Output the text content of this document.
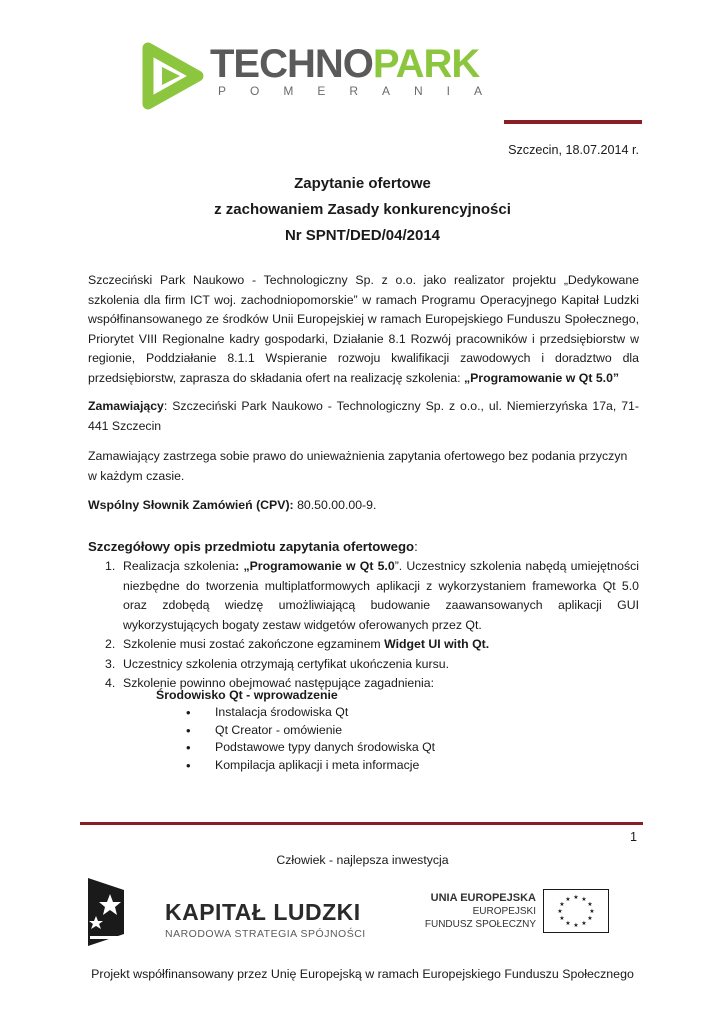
TECHNOPARK
POMERANIA
Szczecin, 18.07.2014 r.
Zapytanie ofertowe
z zachowaniem Zasady konkurencyjności
Nr SPNT/DED/04/2014
Szczeciński Park Naukowo - Technologiczny Sp. z o.o. jako realizator projektu „Dedykowane szkolenia dla firm ICT woj. zachodniopomorskie” w ramach Programu Operacyjnego Kapitał Ludzki współfinansowanego ze środków Unii Europejskiej w ramach Europejskiego Funduszu Społecznego, Priorytet VIII Regionalne kadry gospodarki, Działanie 8.1 Rozwój pracowników i przedsiębiorstw w regionie, Poddziałanie 8.1.1 Wspieranie rozwoju kwalifikacji zawodowych i doradztwo dla przedsiębiorstw, zaprasza do składania ofert na realizację szkolenia: „Programowanie w Qt 5.0”
Zamawiający: Szczeciński Park Naukowo - Technologiczny Sp. z o.o., ul. Niemierzyńska 17a, 71-441 Szczecin
Zamawiający zastrzega sobie prawo do unieważnienia zapytania ofertowego bez podania przyczyn w każdym czasie.
Wspólny Słownik Zamówień (CPV): 80.50.00.00-9.
Szczegółowy opis przedmiotu zapytania ofertowego:
1. Realizacja szkolenia: „Programowanie w Qt 5.0”. Uczestnicy szkolenia nabędą umiejętności niezbędne do tworzenia multiplatformowych aplikacji z wykorzystaniem frameworka Qt 5.0 oraz zdobędą wiedzę umożliwiającą budowanie zaawansowanych aplikacji GUI wykorzystujących bogaty zestaw widgetów oferowanych przez Qt.
2. Szkolenie musi zostać zakończone egzaminem Widget UI with Qt.
3. Uczestnicy szkolenia otrzymają certyfikat ukończenia kursu.
4. Szkolenie powinno obejmować następujące zagadnienia:
Środowisko Qt - wprowadzenie
• Instalacja środowiska Qt
• Qt Creator - omówienie
• Podstawowe typy danych środowiska Qt
• Kompilacja aplikacji i meta informacje
1
Człowiek - najlepsza inwestycja
KAPITAŁ LUDZKI
NARODOWA STRATEGIA SPÓJNOŚCI
UNIA EUROPEJSKA
EUROPEJSKI
FUNDUSZ SPOŁECZNY
★ ★
★
★
★
★
★
★
★
★
★
★
Projekt współfinansowany przez Unię Europejską w ramach Europejskiego Funduszu Społecznego
